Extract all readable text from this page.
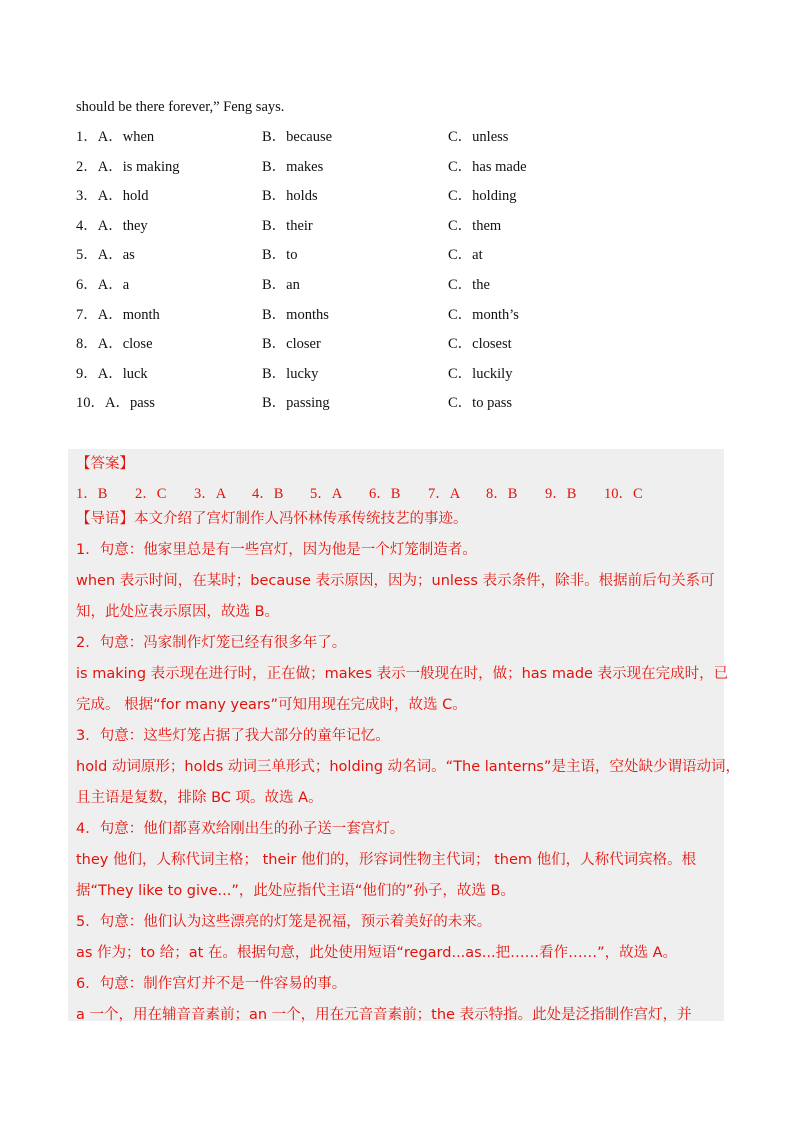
should be there forever,” Feng says.
1．A．when	B．because	C．unless
2．A．is making	B．makes	C．has made
3．A．hold	B．holds	C．holding
4．A．they	B．their	C．them
5．A．as	B．to	C．at
6．A．a	B．an	C．the
7．A．month	B．months	C．month’s
8．A．close	B．closer	C．closest
9．A．luck	B．lucky	C．luckily
10．A．pass	B．passing	C．to pass
【答案】
1．B 2．C 3．A 4．B 5．A 6．B 7．A 8．B 9．B 10．C
【导语】本文介绍了宫灯制作人冯怀林传承传统技艺的事迹。
1．句意：他家里总是有一些宫灯，因为他是一个灯笼制造者。
when 表示时间，在某时；because 表示原因，因为；unless 表示条件，除非。根据前后句关系可
知，此处应表示原因，故选 B。
2．句意：冯家制作灯笼已经有很多年了。
is making 表示现在进行时，正在做；makes 表示一般现在时，做；has made 表示现在完成时，已
完成。 根据“for many years”可知用现在完成时，故选 C。
3．句意：这些灯笼占据了我大部分的童年记忆。
hold 动词原形；holds 动词三单形式；holding 动名词。“The lanterns”是主语，空处缺少谓语动词，
且主语是复数，排除 BC 项。故选 A。
4．句意：他们都喜欢给刚出生的孙子送一套宫灯。
they 他们，人称代词主格； their 他们的，形容词性物主代词； them 他们，人称代词宾格。根
据“They like to give...”，此处应指代主语“他们的”孙子，故选 B。
5．句意：他们认为这些漂亮的灯笼是祝福，预示着美好的未来。
as 作为；to 给；at 在。根据句意，此处使用短语“regard...as...把……看作……”，故选 A。
6．句意：制作宫灯并不是一件容易的事。
a 一个，用在辅音音素前；an 一个，用在元音音素前；the 表示特指。此处是泛指制作宫灯，并
